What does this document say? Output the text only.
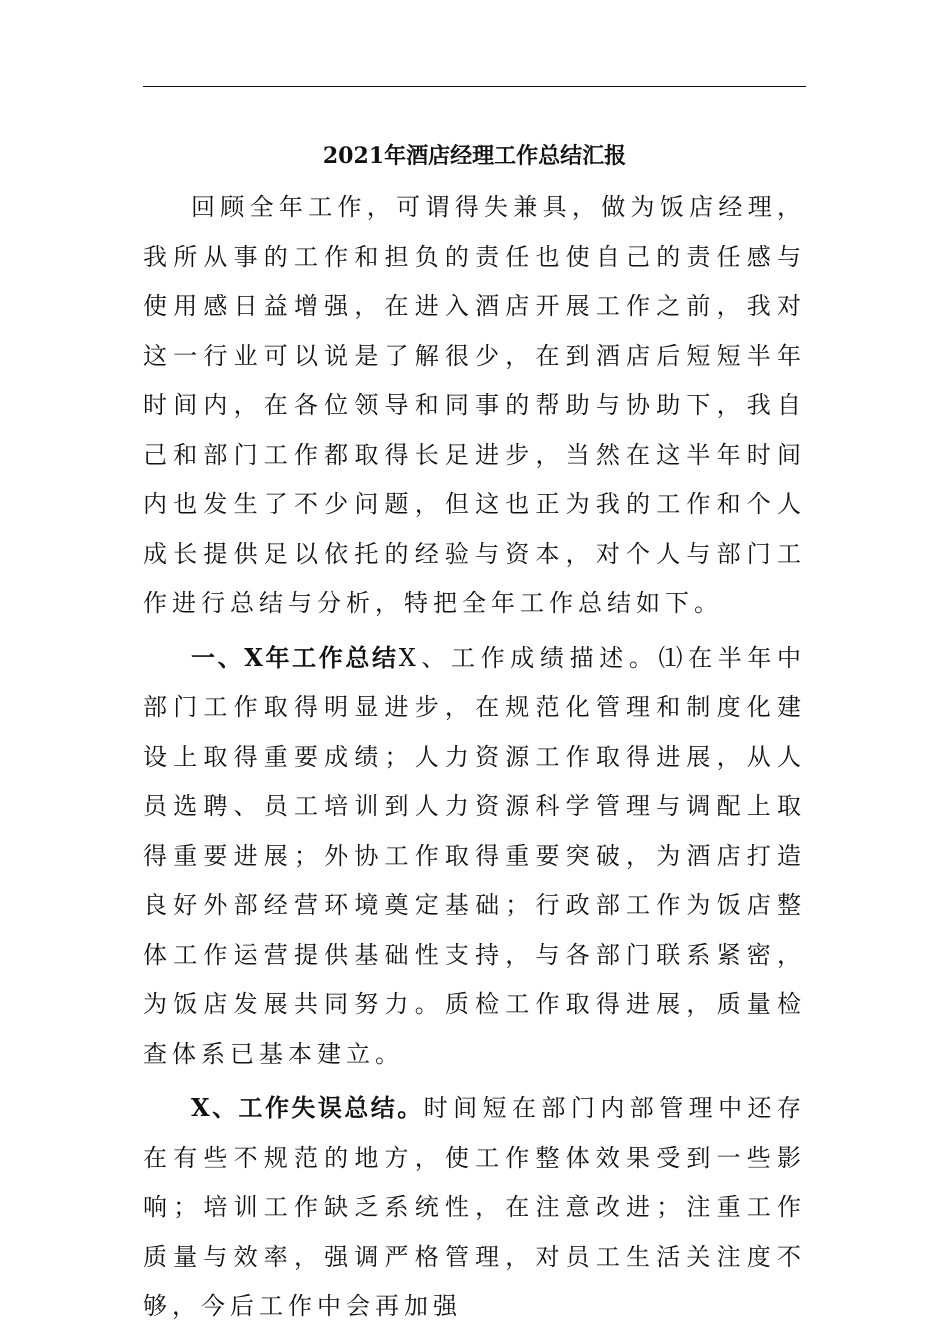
2021年酒店经理工作总结汇报

回顾全年工作，可谓得失兼具，做为饭店经理，我所从事的工作和担负的责任也使自己的责任感与使用感日益增强，在进入酒店开展工作之前，我对这一行业可以说是了解很少，在到酒店后短短半年时间内，在各位领导和同事的帮助与协助下，我自己和部门工作都取得长足进步，当然在这半年时间内也发生了不少问题，但这也正为我的工作和个人成长提供足以依托的经验与资本，对个人与部门工作进行总结与分析，特把全年工作总结如下。

一、X年工作总结X、工作成绩描述。⑴在半年中部门工作取得明显进步，在规范化管理和制度化建设上取得重要成绩；人力资源工作取得进展，从人员选聘、员工培训到人力资源科学管理与调配上取得重要进展；外协工作取得重要突破，为酒店打造良好外部经营环境奠定基础；行政部工作为饭店整体工作运营提供基础性支持，与各部门联系紧密，为饭店发展共同努力。质检工作取得进展，质量检查体系已基本建立。

X、工作失误总结。时间短在部门内部管理中还存在有些不规范的地方，使工作整体效果受到一些影响；培训工作缺乏系统性，在注意改进；注重工作质量与效率，强调严格管理，对员工生活关注度不够，今后工作中会再加强
